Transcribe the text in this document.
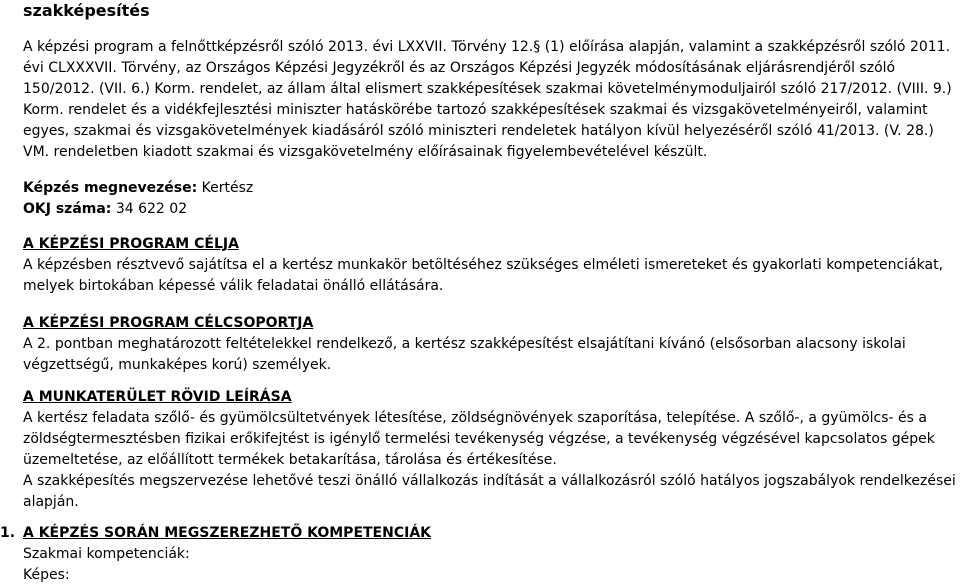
szakképesítés

A képzési program a felnőttképzésről szóló 2013. évi LXXVII. Törvény 12.§ (1) előírása alapján, valamint a szakképzésről szóló 2011. évi CLXXXVII. Törvény, az Országos Képzési Jegyzékről és az Országos Képzési Jegyzék módosításának eljárásrendjéről szóló 150/2012. (VII. 6.) Korm. rendelet, az állam által elismert szakképesítések szakmai követelménymoduljairól szóló 217/2012. (VIII. 9.) Korm. rendelet és a vidékfejlesztési miniszter hatáskörébe tartozó szakképesítések szakmai és vizsgakövetelményeiről, valamint egyes, szakmai és vizsgakövetelmények kiadásáról szóló miniszteri rendeletek hatályon kívül helyezéséről szóló 41/2013. (V. 28.) VM. rendeletben kiadott szakmai és vizsgakövetelmény előírásainak figyelembevételével készült.

Képzés megnevezése: Kertész
OKJ száma: 34 622 02
A KÉPZÉSI PROGRAM CÉLJA

A képzésben résztvevő sajátítsa el a kertész munkakör betöltéséhez szükséges elméleti ismereteket és gyakorlati kompetenciákat, melyek birtokában képessé válik feladatai önálló ellátására.

A KÉPZÉSI PROGRAM CÉLCSOPORTJA

A 2. pontban meghatározott feltételekkel rendelkező, a kertész szakképesítést elsajátítani kívánó (elsősorban alacsony iskolai végzettségű, munkaképes korú) személyek.

A MUNKATERÜLET RÖVID LEÍRÁSA

A kertész feladata szőlő- és gyümölcsültetvények létesítése, zöldségnövények szaporítása, telepítése. A szőlő-, a gyümölcs- és a zöldségtermesztésben fizikai erőkifejtést is igénylő termelési tevékenység végzése, a tevékenység végzésével kapcsolatos gépek üzemeltetése, az előállított termékek betakarítása, tárolása és értékesítése.

A szakképesítés megszervezése lehetővé teszi önálló vállalkozás indítását a vállalkozásról szóló hatályos jogszabályok rendelkezései alapján.

1. A KÉPZÉS SORÁN MEGSZEREZHETŐ KOMPETENCIÁK
Szakmai kompetenciák:
Képes:
